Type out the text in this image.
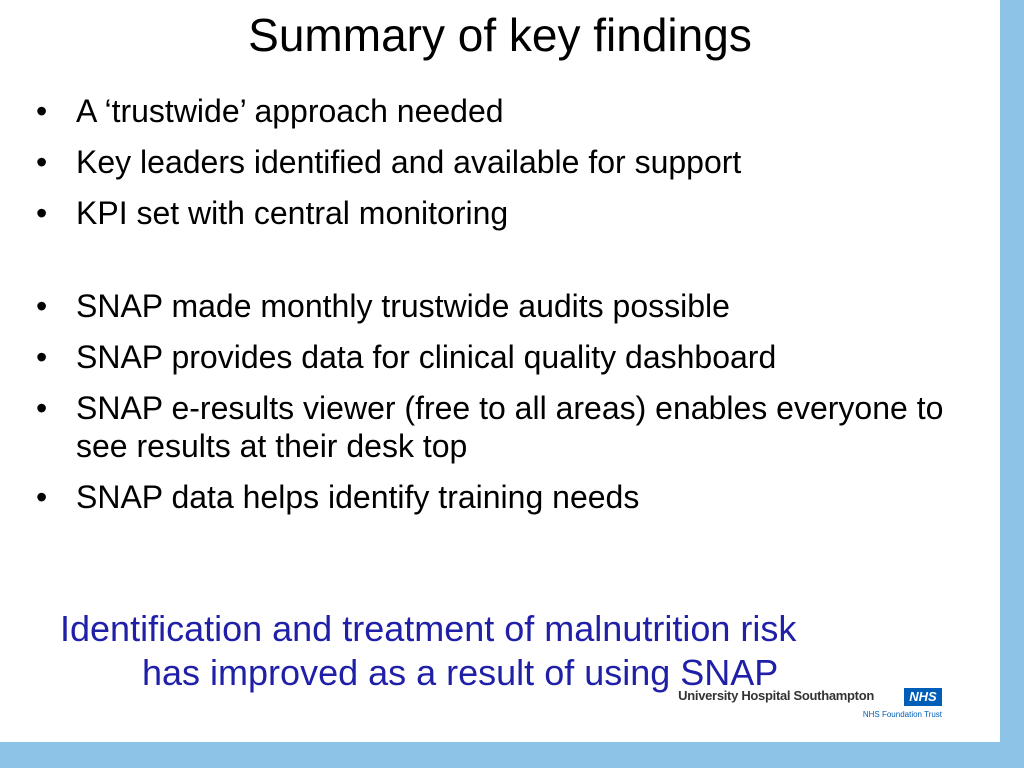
Summary of key findings
• A ‘trustwide’ approach needed
• Key leaders identified and available for support
• KPI set with central monitoring
• SNAP made monthly trustwide audits possible
• SNAP provides data for clinical quality dashboard
• SNAP e-results viewer (free to all areas) enables everyone to see results at their desk top
• SNAP data helps identify training needs
Identification and treatment of malnutrition risk
has improved as a result of using SNAP
University Hospital Southampton	NHS
NHS Foundation Trust
